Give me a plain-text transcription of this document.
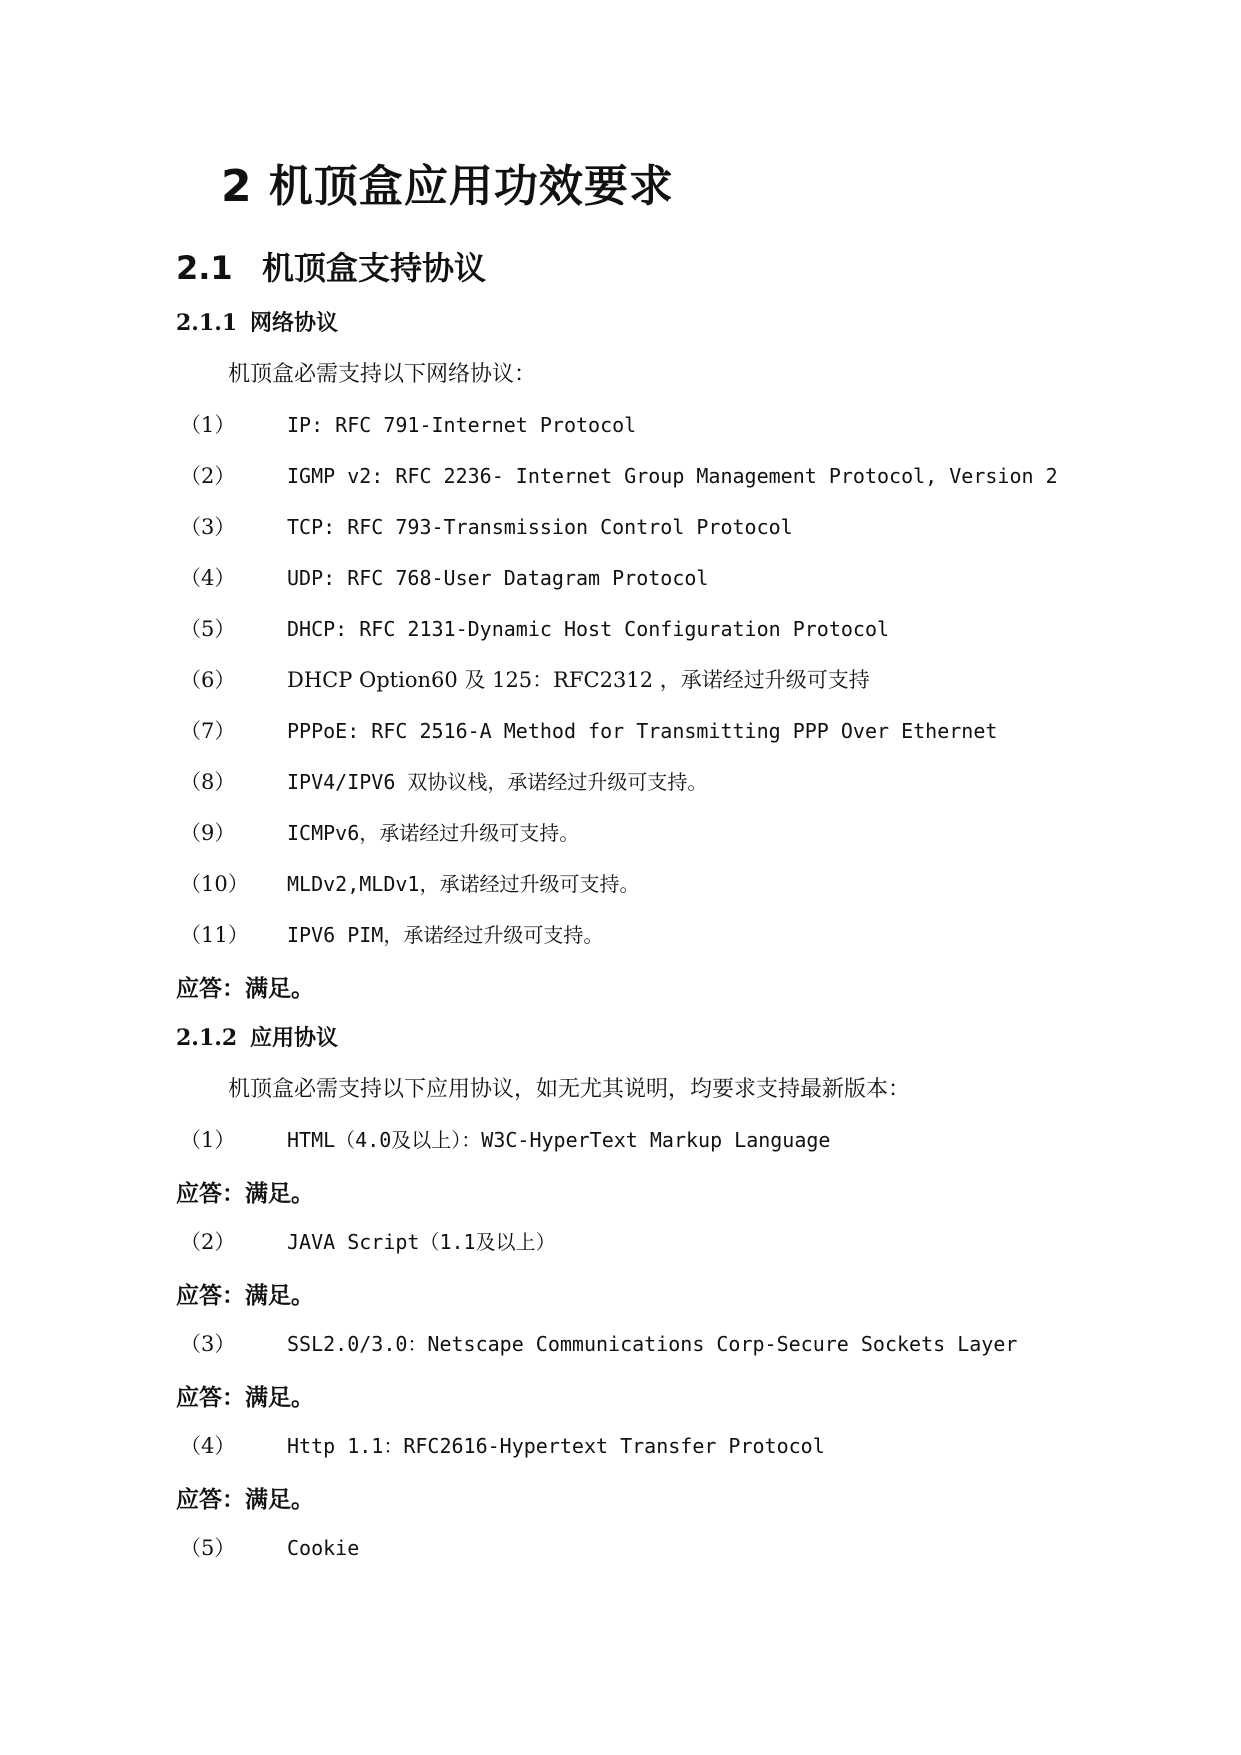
2 机顶盒应用功效要求
2.1 机顶盒支持协议
2.1.1 网络协议
机顶盒必需支持以下网络协议：
（1）	IP: RFC 791-Internet Protocol
（2）	IGMP v2: RFC 2236- Internet Group Management Protocol, Version 2
（3）	TCP: RFC 793-Transmission Control Protocol
（4）	UDP: RFC 768-User Datagram Protocol
（5）	DHCP: RFC 2131-Dynamic Host Configuration Protocol
（6） DHCP Option60 及 125：RFC2312 ，承诺经过升级可支持
（7）	PPPoE: RFC 2516-A Method for Transmitting PPP Over Ethernet
（8）	IPV4/IPV6 双协议栈，承诺经过升级可支持。
（9）	ICMPv6，承诺经过升级可支持。
（10） MLDv2,MLDv1，承诺经过升级可支持。
（11） IPV6 PIM，承诺经过升级可支持。
应答：满足。
2.1.2 应用协议
机顶盒必需支持以下应用协议，如无尤其说明，均要求支持最新版本：
（1）	HTML（4.0及以上）：W3C-HyperText Markup Language
应答：满足。
（2）	JAVA Script（1.1及以上）
应答：满足。
（3）	SSL2.0/3.0：Netscape Communications Corp-Secure Sockets Layer
应答：满足。
（4）	Http 1.1：RFC2616-Hypertext Transfer Protocol
应答：满足。
（5）	Cookie
